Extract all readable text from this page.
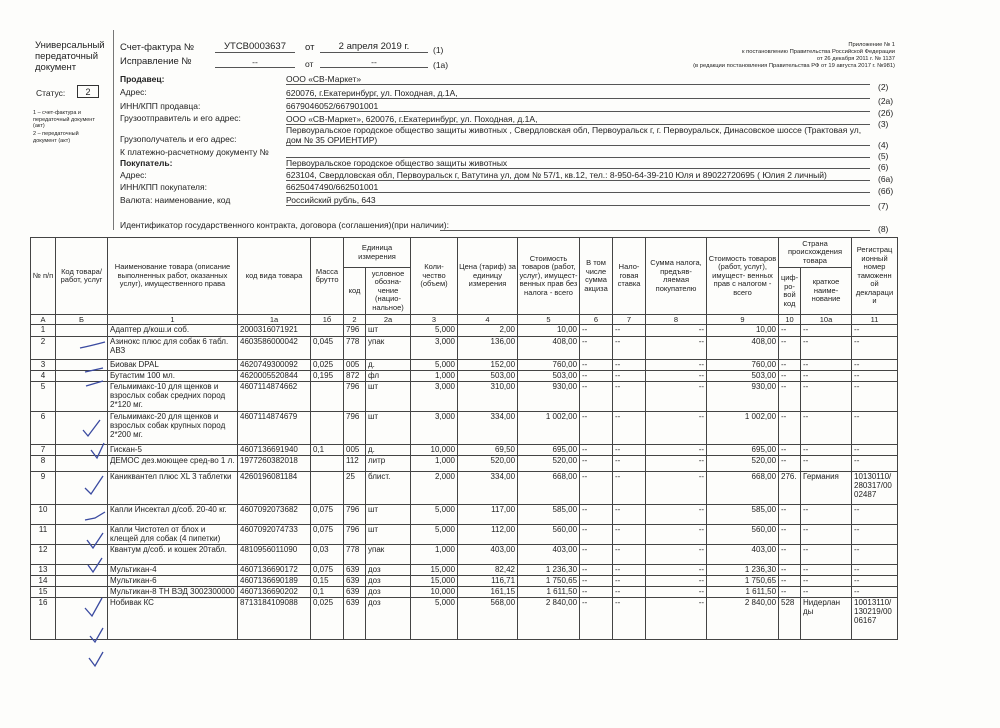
Универсальный
передаточный
документ
Статус:	2
1 – счет-фактура и
передаточный документ
(акт)
2 – передаточный
документ (акт)
Счет-фактура №	УТСВ0003637	от	2 апреля 2019 г.	(1)
Исправление №	--	от	--	(1а)
Приложение № 1
к постановлению Правительства Российской Федерации
от 26 декабря 2011 г. № 1137
(в редакции постановления Правительства РФ от 19 августа 2017 г. №981)
Продавец:	ООО «СВ-Маркет»
(2)
Адрес:	620076, г.Екатеринбург, ул. Походная, д.1А,
(2а)
ИНН/КПП продавца:	6679046052/667901001
(2б)
Грузоотправитель и его адрес:	ООО «СВ-Маркет», 620076, г.Екатеринбург, ул. Походная, д.1А,	(3)
Грузополучатель и его адрес:
Первоуральское городское общество защиты животных , Свердловская обл, Первоуральск г, г. Первоуральск, Динасовское шоссе (Трактовая ул, дом № 35 ОРИЕНТИР)	(4)
К платежно-расчетному документу №	(5)
Покупатель:	Первоуральское городское общество защиты животных	(6)
Адрес:	623104, Свердловская обл, Первоуральск г, Ватутина ул, дом № 57/1, кв.12, тел.: 8-950-64-39-210 Юля и 89022720695 ( Юлия 2 личный)	(6а)
ИНН/КПП покупателя:	6625047490/662501001	(6б)
Валюта: наименование, код	Российский рубль, 643
(7)
Идентификатор государственного контракта, договора (соглашения)(при наличии):	(8)
№ п/п	Код товара/ работ, услуг	Наименование товара (описание выполненных работ, оказанных услуг), имущественного права	код вида товара	Масса брутто	Единица измерения		Коли- чество (объем)	Цена (тариф) за единицу измерения	Стоимость товаров (работ, услуг), имущест- венных прав без налога - всего	В том числе сумма акциза	Нало- говая ставка	Сумма налога, предъяв- ляемая покупателю	Стоимость товаров (работ, услуг), имущест- венных прав с налогом - всего	Страна происхождения товара		Регистрац ионный номер таможенн ой деклараци и
					код	условное обозна- чение (нацио- нальное)								циф- ро- вой код	краткое наиме- нование	
А	Б	1	1а	1б	2	2а	3	4	5	6	7	8	9	10	10а	11
1		Адаптер д/кош.и соб.	2000316071921		796	шт	5,000	2,00	10,00	--	--	--	10,00	--	--	--
2		Азинокс плюс для собак 6 табл. АВЗ	4603586000042	0,045	778	упак	3,000	136,00	408,00	--	--	--	408,00	--	--	--
3		Биовак DPAL	4620749300092	0,025	005	д.	5,000	152,00	760,00	--	--	--	760,00	--	--	--
4		Бутастим 100 мл.	4620005520844	0,195	872	фл	1,000	503,00	503,00	--	--	--	503,00	--	--	--
5		Гельмимакс-10 для щенков и взрослых собак средних пород 2*120 мг.	4607114874662		796	шт	3,000	310,00	930,00	--	--	--	930,00	--	--	--
6		Гельмимакс-20 для щенков и взрослых собак крупных пород 2*200 мг.	4607114874679		796	шт	3,000	334,00	1 002,00	--	--	--	1 002,00	--	--	--
7		Гискан-5	4607136691940	0,1	005	д.	10,000	69,50	695,00	--	--	--	695,00	--	--	--
8		ДЕМОС дез.моющее сред-во 1 л.	1977260382018		112	литр	1,000	520,00	520,00	--	--	--	520,00	--	--	--
9		Каниквантел плюс XL 3 таблетки	4260196081184		25	блист.	2,000	334,00	668,00	--	--	--	668,00	276.	Германия	10130110/ 280317/00 02487
10		Капли Инсектал д/соб. 20-40 кг.	4607092073682	0,075	796	шт	5,000	117,00	585,00	--	--	--	585,00	--	--	--
11		Капли Чистотел от блох и клещей для собак (4 пипетки)	4607092074733	0,075	796	шт	5,000	112,00	560,00	--	--	--	560,00	--	--	--
12		Квантум д/соб. и кошек 20табл.	4810956011090	0,03	778	упак	1,000	403,00	403,00	--	--	--	403,00	--	--	--
13		Мультикан-4	4607136690172	0,075	639	доз	15,000	82,42	1 236,30	--	--	--	1 236,30	--	--	--
14		Мультикан-6	4607136690189	0,15	639	доз	15,000	116,71	1 750,65	--	--	--	1 750,65	--	--	--
15		Мультикан-8 ТН ВЭД 3002300000	4607136690202	0,1	639	доз	10,000	161,15	1 611,50	--	--	--	1 611,50	--	--	--
16		Нобивак КС	8713184109088	0,025	639	доз	5,000	568,00	2 840,00	--	--	--	2 840,00	528	Нидерлан ды	10013110/ 130219/00 06167
